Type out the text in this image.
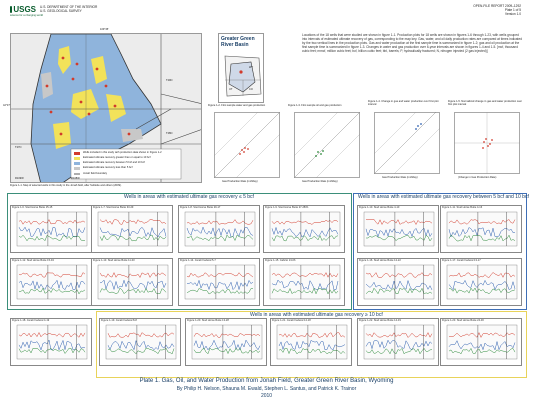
USGS
science for a changing world
U.S. DEPARTMENT OF THE INTERIOR
U.S. GEOLOGICAL SURVEY
OPEN-FILE REPORT 2009–1292
Plate 1 of 5
Version 1.0
Wells included in this study with production data shown in Figure 1-2
Estimated ultimate recovery greater than or equal to 10 bcf
Estimated ultimate recovery between 5 bcf and 10 bcf
Estimated ultimate recovery less than 5 bcf
Jonah field boundary
T29N
T28N
T27N
R109W	R108W
109°45'
42°37'
Figure 1-1. Map of selected wells in this study in the Jonah field, after Sublette and others (2009).
Greater Green
River Basin
WY
UT	CO
Locations of the 18 wells that were studied are shown in figure 1-1. Production plots for 18 wells are shown in figures 1-6 through 1-23, with wells grouped into intervals of estimated ultimate recovery of gas, corresponding to the map key. Gas, water, and oil daily production rates are compared at times indicated by the two vertical lines in the production plots. Gas and water production at the first sample time is summarized in figure 1-2; gas and oil production at the first sample time is summarized in figure 1-3. Changes in water and gas production over 6-year intervals are shown in figures 1-4 and 1-5. [mcf, thousand cubic feet; mmcf, million cubic feet; bcf, billion cubic feet; bbl, barrels; P, hydraulically fractured; N, nitrogen injected (2 gas injected)]
Figure 1-2. First sample water and gas production
Gas Production Rate (mcf/day)
Figure 1-3. First sample oil and gas production
Gas Production Rate (mcf/day)
Figure 1-4. Change in gas and water production over first plot interval
Gas Production Rate (mcf/day)
Figure 1-5. Normalized change in gas and water production over first plot interval
(Change in Gas Production Rate)
Wells in areas with estimated ultimate gas recovery ≤ 5 bcf	Wells in areas with estimated ultimate gas recovery between 5 bcf and 10 bcf
Wells in areas with estimated ultimate gas recovery ≥ 10 bcf
Figure 1-6. Stud Horse Butte 15-15	Figure 1-7. Stud Horse Butte 33-29	Figure 1-8. Stud Horse Butte 29-17	Figure 1-9. Stud Horse Butte 27-28X1	Figure 1-10. Stud Horse Butte 4-10	Figure 1-11. Stud Horse Butte 4-16
Figure 1-12. Stud Horse Butte 15-04	Figure 1-13. Stud Horse Butte 11-03	Figure 1-14. Jonah Federal 5-7	Figure 1-15. Cabrito 13-06	Figure 1-16. Stud Horse Butte 12-22	Figure 1-17. Jonah Federal 13-17
Figure 1-18. Jonah Federal 4-19	Figure 1-19. Jonah Federal 8-8	Figure 1-20. Stud Horse Butte 13-28	Figure 1-21. Jonah Federal 14-18	Figure 1-22. Stud Horse Butte 14-33	Figure 1-23. Stud Horse Butte 24-30
Plate 1. Gas, Oil, and Water Production from Jonah Field, Greater Green River Basin, Wyoming
By Philip H. Nelson, Shauna M. Ewald, Stephen L. Santus, and Patrick K. Trainor
2010
